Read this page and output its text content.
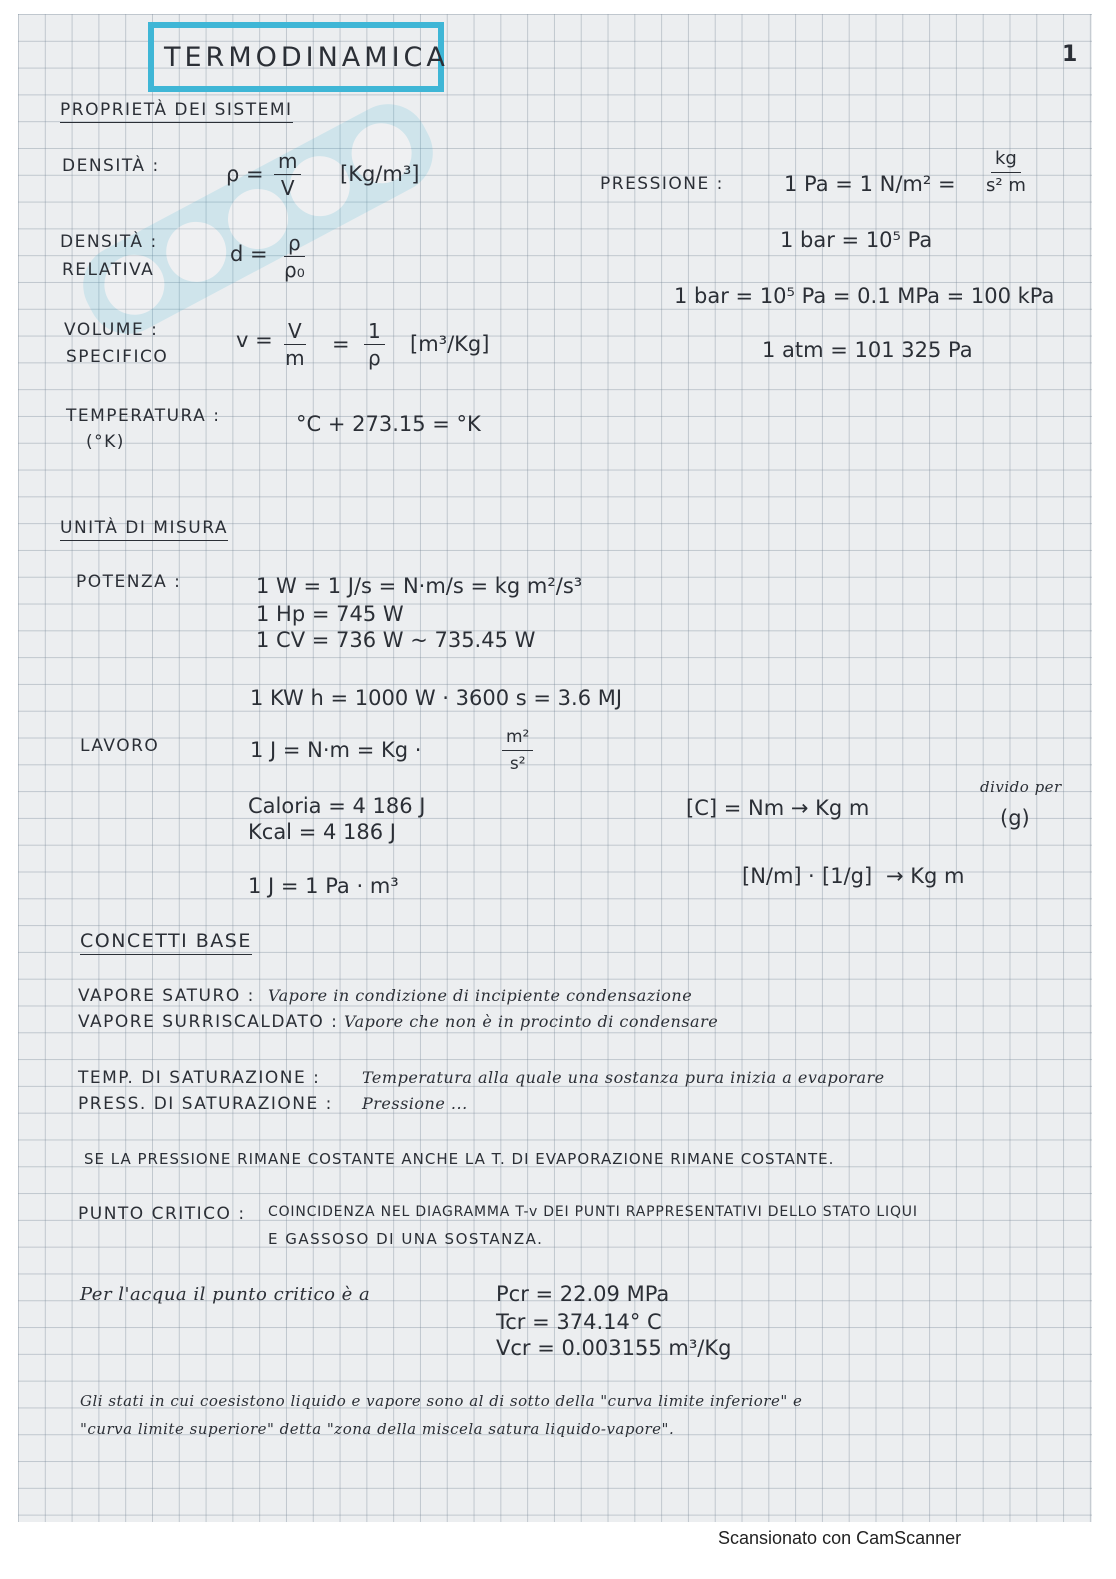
TERMODINAMICA	1
PROPRIETÀ DEI SISTEMI
DENSITÀ :	$\rho = \frac{m}{V} [Kg/m^3]$
DENSITÀ :
RELATIVA
$d = \frac{\rho}{\text{ρ₀}}$
VOLUME :
SPECIFICO
$v = \frac{V}{m} = \frac{1}{\rho} [m^3/Kg]$
TEMPERATURA :
(°K)
°C + 273.15 = °K
PRESSIONE :	1 Pa = 1 $N/m^2 = \frac{kg}{\text{s² m}}$
1 bar = 10⁵ Pa
1 bar = 10⁵ Pa = 0.1 MPa = 100 kPa
1 atm = 101 325 Pa
UNITÀ DI MISURA
POTENZA :	1 W = 1 J/s = N·m/s = kg m²/s³
1 Hp = 745 W
1 CV = 736 W ~ 735.45 W
1 KW h = 1000 W · 3600 s = 3.6 MJ
LAVORO	1 J = N·m = Kg ·	$\frac{\text{m²}}{\text{s²}}$
Caloria = 4 186 J
Kcal = 4 186 J
1 J = 1 Pa · m³
[C] = Nm → Kg m
divido per
(g)
[N/m] · [1/g] → Kg m
CONCETTI BASE
VAPORE SATURO : Vapore in condizione di incipiente condensazione
VAPORE SURRISCALDATO : Vapore che non è in procinto di condensare
TEMP. DI SATURAZIONE :	Temperatura alla quale una sostanza pura inizia a evaporare
PRESS. DI SATURAZIONE : Pressione ...
SE LA PRESSIONE RIMANE COSTANTE ANCHE LA T. DI EVAPORAZIONE RIMANE COSTANTE.
PUNTO CRITICO : COINCIDENZA NEL DIAGRAMMA T-v DEI PUNTI RAPPRESENTATIVI DELLO STATO LIQUI
E GASSOSO DI UNA SOSTANZA.
Per l'acqua il punto critico è a	Pcr = 22.09 MPa
Tcr = 374.14° C
Vcr = 0.003155 m³/Kg
Gli stati in cui coesistono liquido e vapore sono al di sotto della "curva limite inferiore" e
"curva limite superiore" detta "zona della miscela satura liquido-vapore".
Scansionato con CamScanner
